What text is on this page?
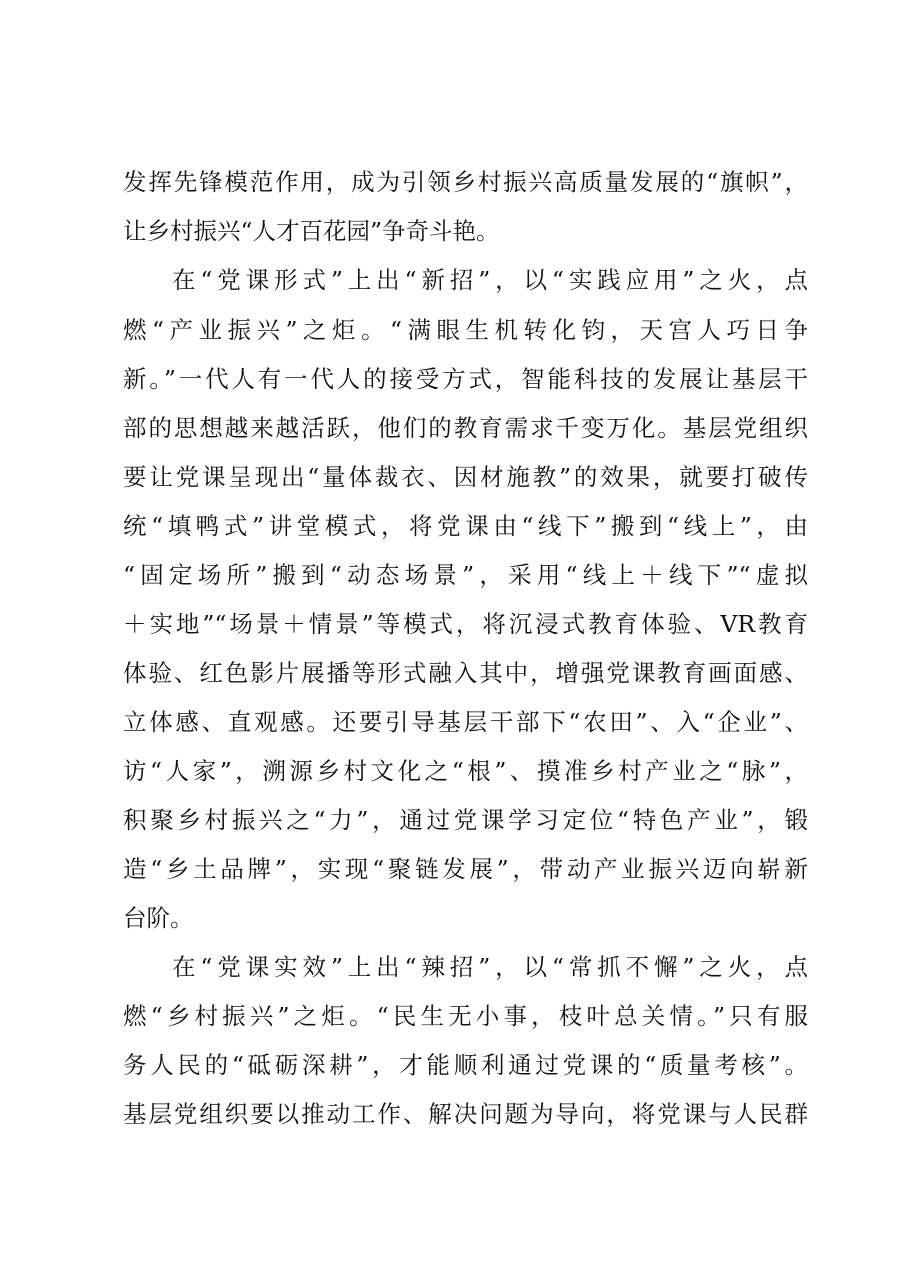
发挥先锋模范作用，成为引领乡村振兴高质量发展的“旗帜”，
让乡村振兴“人才百花园”争奇斗艳。
在“党课形式”上出“新招”，以“实践应用”之火，点
燃“产业振兴”之炬。“满眼生机转化钧，天宫人巧日争
新。”一代人有一代人的接受方式，智能科技的发展让基层干
部的思想越来越活跃，他们的教育需求千变万化。基层党组织
要让党课呈现出“量体裁衣、因材施教”的效果，就要打破传
统“填鸭式”讲堂模式，将党课由“线下”搬到“线上”，由
“固定场所”搬到“动态场景”，采用“线上＋线下”“虚拟
＋实地”“场景＋情景”等模式，将沉浸式教育体验、VR教育
体验、红色影片展播等形式融入其中，增强党课教育画面感、
立体感、直观感。还要引导基层干部下“农田”、入“企业”、
访“人家”，溯源乡村文化之“根”、摸准乡村产业之“脉”，
积聚乡村振兴之“力”，通过党课学习定位“特色产业”，锻
造“乡土品牌”，实现“聚链发展”，带动产业振兴迈向崭新
台阶。
在“党课实效”上出“辣招”，以“常抓不懈”之火，点
燃“乡村振兴”之炬。“民生无小事，枝叶总关情。”只有服
务人民的“砥砺深耕”，才能顺利通过党课的“质量考核”。
基层党组织要以推动工作、解决问题为导向，将党课与人民群
